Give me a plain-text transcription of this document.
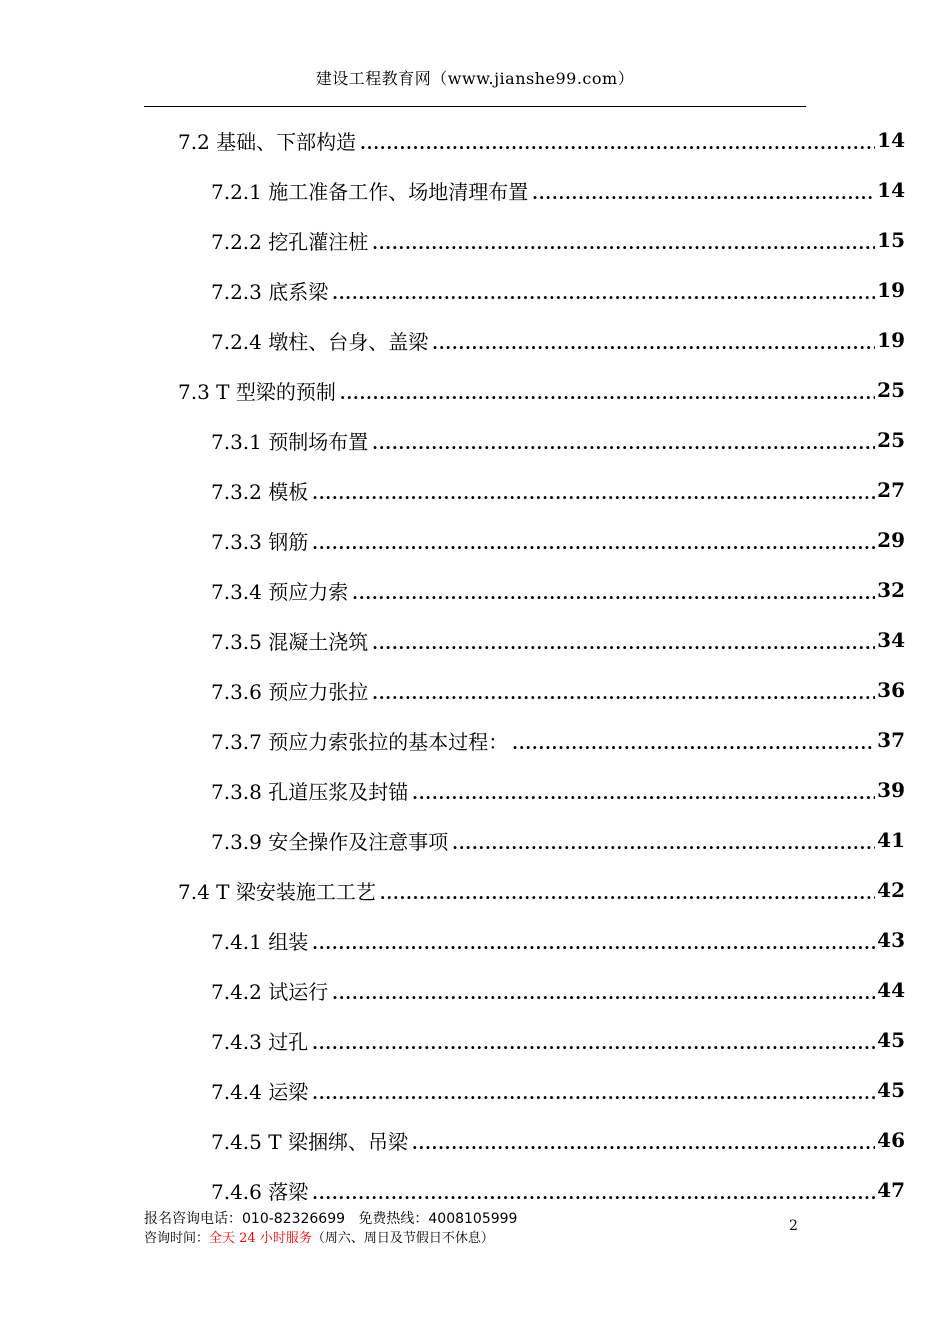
建设工程教育网（www.jianshe99.com）
7.2 基础、下部构造 .....	14
7.2.1 施工准备工作、场地清理布置 .....	14
7.2.2 挖孔灌注桩 .....	15
7.2.3 底系梁 .....	19
7.2.4 墩柱、台身、盖梁 .....	19
7.3 T 型梁的预制 .....	25
7.3.1 预制场布置 .....	25
7.3.2 模板 .....	27
7.3.3 钢筋 .....	29
7.3.4 预应力索 .....	32
7.3.5 混凝土浇筑 .....	34
7.3.6 预应力张拉 .....	36
7.3.7 预应力索张拉的基本过程： .....	37
7.3.8 孔道压浆及封锚 .....	39
7.3.9 安全操作及注意事项 .....	41
7.4 T 梁安装施工工艺 .....	42
7.4.1 组装 .....	43
7.4.2 试运行 .....	44
7.4.3 过孔 .....	45
7.4.4 运梁 .....	45
7.4.5 T 梁捆绑、吊梁 .....	46
7.4.6 落梁 .....	47
报名咨询电话：010-82326699 免费热线：4008105999
咨询时间：全天 24 小时服务（周六、周日及节假日不休息）
2
